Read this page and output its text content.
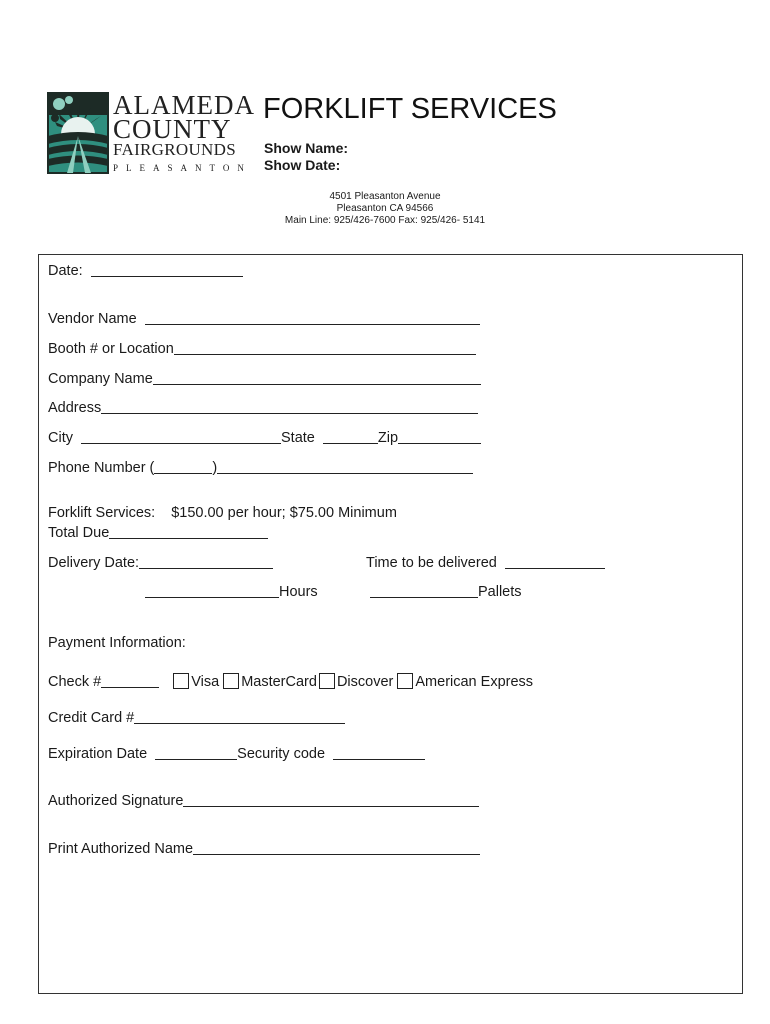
ALAMEDA
COUNTY
FAIRGROUNDS
PLEASANTON
FORKLIFT SERVICES
Show Name:
Show Date:
4501 Pleasanton Avenue
Pleasanton CA 94566
Main Line: 925/426-7600 Fax: 925/426- 5141
Date:
Vendor Name
Booth # or Location
Company Name
Address
City	State	Zip
Phone Number (	)
Forklift Services: $150.00 per hour; $75.00 Minimum
Total Due
Delivery Date:	Time to be delivered
Hours	Pallets
Payment Information:
Check #	Visa MasterCard Discover American Express
Credit Card #
Expiration Date	Security code
Authorized Signature
Print Authorized Name
